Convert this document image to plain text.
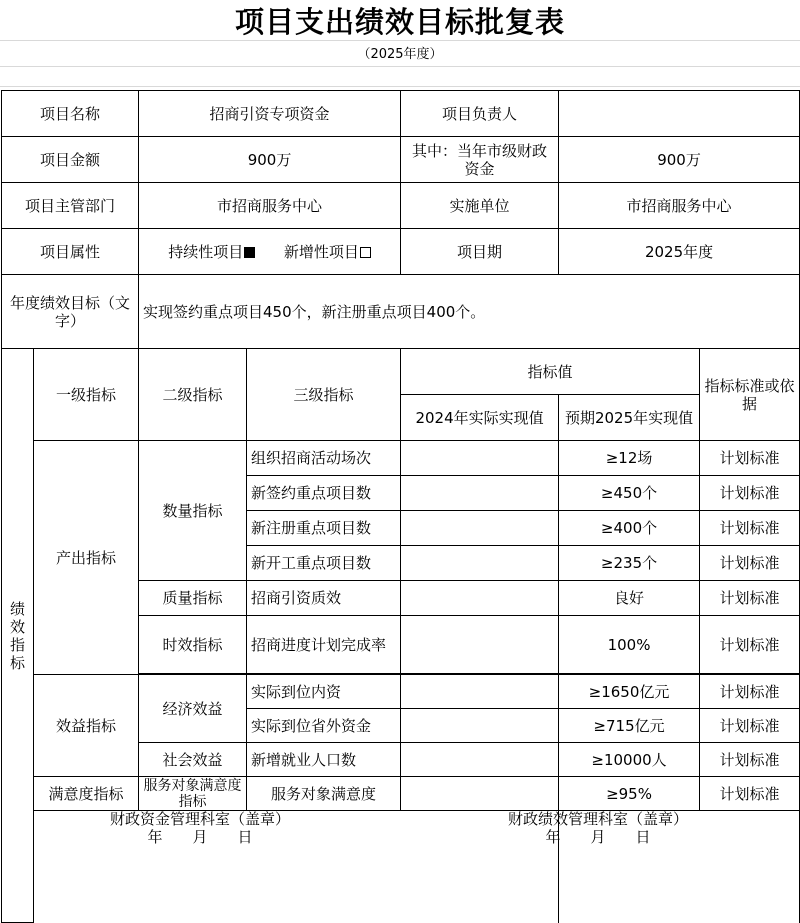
项目支出绩效目标批复表
（2025年度）
项目名称		招商引资专项资金		项目负责人		
项目金额		900万		其中：当年市级财政资金	900万	
项目主管部门		市招商服务中心		实施单位	市招商服务中心	
项目属性		持续性项目 新增性项目		项目期	2025年度	
年度绩效目标（文字）		实现签约重点项目450个，新注册重点项目400个。				
绩效指标	一级指标	二级指标	三级指标	指标值		指标标准或依据
				2024年实际实现值	预期2025年实现值	
	产出指标	数量指标	组织招商活动场次		≥12场	计划标准
			新签约重点项目数		≥450个	计划标准
			新注册重点项目数		≥400个	计划标准
			新开工重点项目数		≥235个	计划标准
		质量指标	招商引资质效		良好	计划标准
		时效指标	招商进度计划完成率		100%	计划标准

	效益指标	经济效益	实际到位内资		≥1650亿元	计划标准
			实际到位省外资金		≥715亿元	计划标准
		社会效益	新增就业人口数		≥10000人	计划标准
	满意度指标	服务对象满意度指标	服务对象满意度		≥95%	计划标准

财政资金管理科室（盖章）
年　　月　　日
财政绩效管理科室（盖章）
年　　月　　日
